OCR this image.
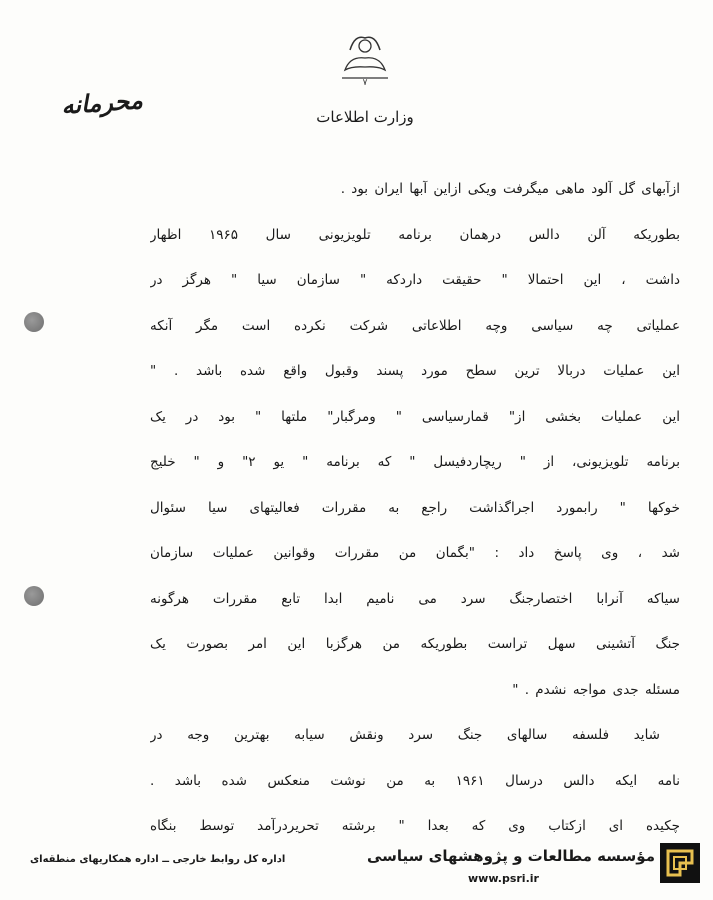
٧
وزارت اطلاعات
محرمانه
ازآبهای گل آلود ماهی میگرفت ویکی ازاین آبها ایران بود .
بطوریکه آلن دالس درهمان برنامه تلویزیونی سال ۱۹۶۵ اظهار
داشت ، این احتمالا " حقیقت داردکه " سازمان سیا " هرگز در
عملیاتی چه سیاسی وچه اطلاعاتی شرکت نکرده است مگر آنکه
این عملیات دربالا ترین سطح مورد پسند وقبول واقع شده باشد . "
این عملیات بخشی از" قمارسیاسی " ومرگبار" ملتها " بود در یک
برنامه تلویزیونی، از " ریچاردفیسل " که برنامه " یو ۲" و " خلیج
خوکها " رابمورد اجراگذاشت راجع به مقررات فعالیتهای سیا سئوال
شد ، وی پاسخ داد : "بگمان من مقررات وقوانین عملیات سازمان
سیاکه آنرابا اختصارجنگ سرد می نامیم ابدا تابع مقررات هرگونه
جنگ آتشینی سهل تراست بطوریکه من هرگزبا این امر بصورت یک
مسئله جدی مواجه نشدم . "
شاید فلسفه سالهای جنگ سرد ونقش سیابه بهترین وجه در
نامه ایکه دالس درسال ۱۹۶۱ به من نوشت منعکس شده باشد .
چکیده ای ازکتاب وی که بعدا " برشته تحریردرآمد توسط بنگاه
اداره کل روابط خارجی ــ اداره همکاریهای منطقه‌ای	مؤسسه مطالعات و پژوهشهای سیاسی
www.psri.ir
